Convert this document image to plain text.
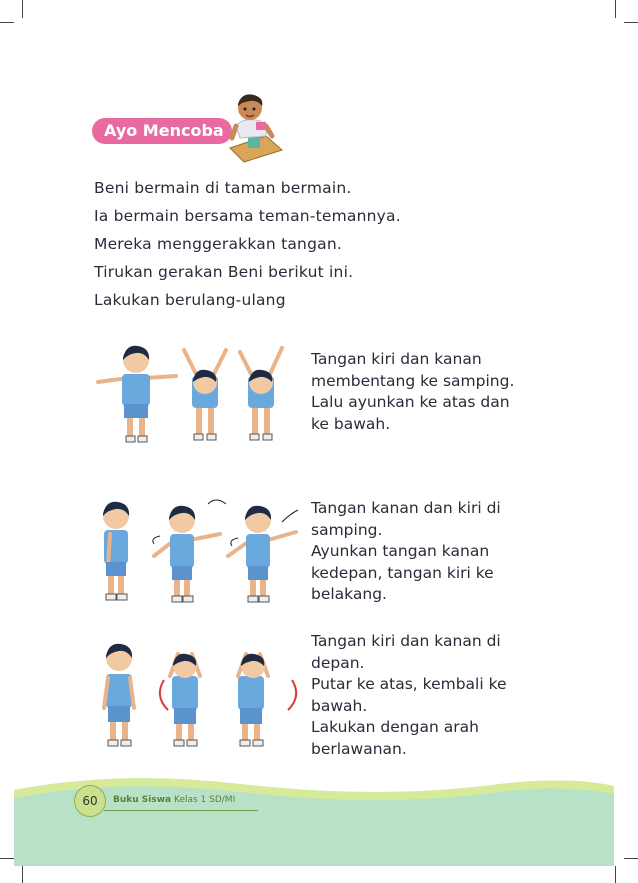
Ayo Mencoba

Beni bermain di taman bermain.

Ia bermain bersama teman-temannya.

Mereka menggerakkan tangan.

Tirukan gerakan Beni berikut ini.

Lakukan berulang-ulang

Tangan kiri dan kanan
membentang ke samping.
Lalu ayunkan ke atas dan
ke bawah.
Tangan kanan dan kiri di
samping.
Ayunkan tangan kanan
kedepan, tangan kiri ke
belakang.
Tangan kiri dan kanan di
depan.
Putar ke atas, kembali ke
bawah.
Lakukan dengan arah
berlawanan.
60	Buku Siswa Kelas 1 SD/MI
